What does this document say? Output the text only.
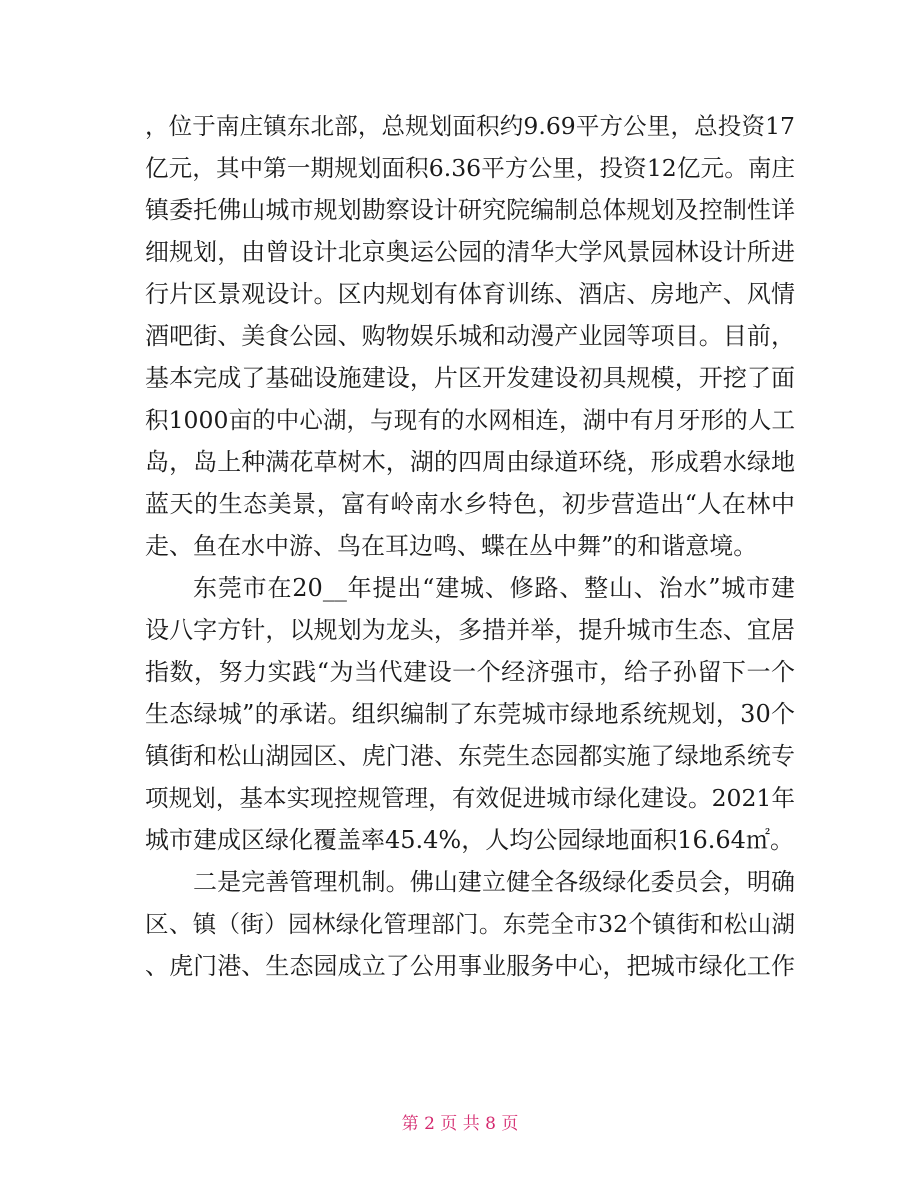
，位于南庄镇东北部，总规划面积约9.69平方公里，总投资17
亿元，其中第一期规划面积6.36平方公里，投资12亿元。南庄
镇委托佛山城市规划勘察设计研究院编制总体规划及控制性详
细规划，由曾设计北京奥运公园的清华大学风景园林设计所进
行片区景观设计。区内规划有体育训练、酒店、房地产、风情
酒吧街、美食公园、购物娱乐城和动漫产业园等项目。目前，
基本完成了基础设施建设，片区开发建设初具规模，开挖了面
积1000亩的中心湖，与现有的水网相连，湖中有月牙形的人工
岛，岛上种满花草树木，湖的四周由绿道环绕，形成碧水绿地
蓝天的生态美景，富有岭南水乡特色，初步营造出“人在林中
走、鱼在水中游、鸟在耳边鸣、蝶在丛中舞”的和谐意境。
东莞市在20__年提出“建城、修路、整山、治水”城市建
设八字方针，以规划为龙头，多措并举，提升城市生态、宜居
指数，努力实践“为当代建设一个经济强市，给子孙留下一个
生态绿城”的承诺。组织编制了东莞城市绿地系统规划，30个
镇街和松山湖园区、虎门港、东莞生态园都实施了绿地系统专
项规划，基本实现控规管理，有效促进城市绿化建设。2021年
城市建成区绿化覆盖率45.4%，人均公园绿地面积16.64㎡。
二是完善管理机制。佛山建立健全各级绿化委员会，明确
区、镇（街）园林绿化管理部门。东莞全市32个镇街和松山湖
、虎门港、生态园成立了公用事业服务中心，把城市绿化工作
第 2 页 共 8 页
